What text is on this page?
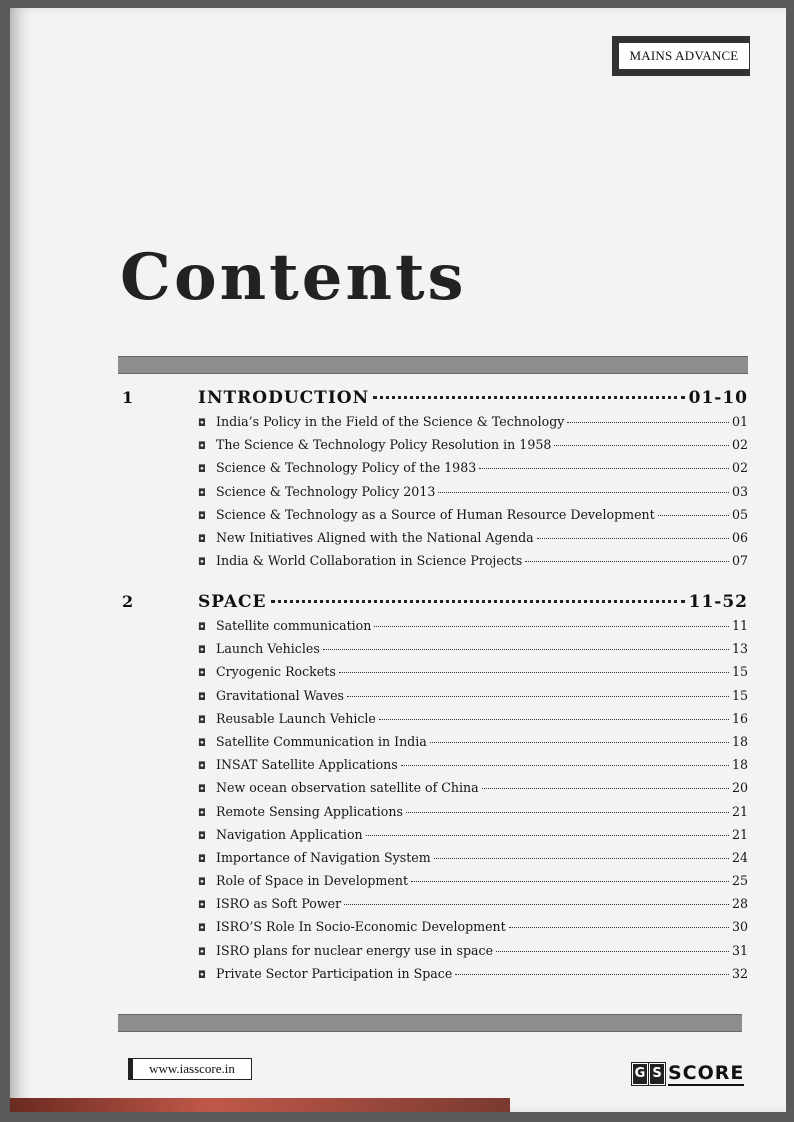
MAINS ADVANCE
Contents
1	INTRODUCTION	01-10
◘ India’s Policy in the Field of the Science & Technology	01
◘ The Science & Technology Policy Resolution in 1958	02
◘ Science & Technology Policy of the 1983	02
◘ Science & Technology Policy 2013	03
◘ Science & Technology as a Source of Human Resource Development	05
◘ New Initiatives Aligned with the National Agenda	06
◘ India & World Collaboration in Science Projects	07
2	SPACE	11-52
◘ Satellite communication	11
◘ Launch Vehicles	13
◘ Cryogenic Rockets	15
◘ Gravitational Waves	15
◘ Reusable Launch Vehicle	16
◘ Satellite Communication in India	18
◘ INSAT Satellite Applications	18
◘ New ocean observation satellite of China	20
◘ Remote Sensing Applications	21
◘ Navigation Application	21
◘ Importance of Navigation System	24
◘ Role of Space in Development	25
◘ ISRO as Soft Power	28
◘ ISRO’S Role In Socio-Economic Development	30
◘ ISRO plans for nuclear energy use in space	31
◘ Private Sector Participation in Space	32
www.iasscore.in	G S SCORE
